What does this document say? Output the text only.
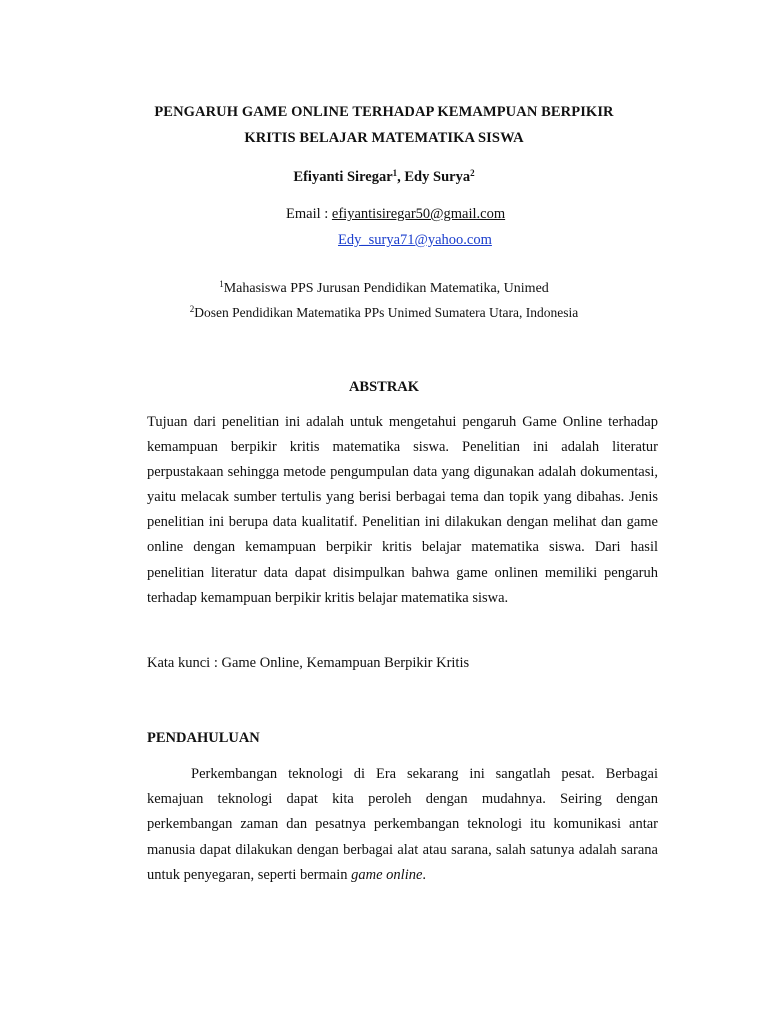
PENGARUH GAME ONLINE TERHADAP KEMAMPUAN BERPIKIR
KRITIS BELAJAR MATEMATIKA SISWA
Efiyanti Siregar$^1$, Edy Surya$^2$
Email : efiyantisiregar50@gmail.com
Edy_surya71@yahoo.com
$^1$Mahasiswa PPS Jurusan Pendidikan Matematika, Unimed
$^2$Dosen Pendidikan Matematika PPs Unimed Sumatera Utara, Indonesia
ABSTRAK

Tujuan dari penelitian ini adalah untuk mengetahui pengaruh Game Online terhadap kemampuan berpikir kritis matematika siswa. Penelitian ini adalah literatur perpustakaan sehingga metode pengumpulan data yang digunakan adalah dokumentasi, yaitu melacak sumber tertulis yang berisi berbagai tema dan topik yang dibahas. Jenis penelitian ini berupa data kualitatif. Penelitian ini dilakukan dengan melihat dan game online dengan kemampuan berpikir kritis belajar matematika siswa. Dari hasil penelitian literatur data dapat disimpulkan bahwa game onlinen memiliki pengaruh terhadap kemampuan berpikir kritis belajar matematika siswa.

Kata kunci : Game Online, Kemampuan Berpikir Kritis
PENDAHULUAN

Perkembangan teknologi di Era sekarang ini sangatlah pesat. Berbagai kemajuan teknologi dapat kita peroleh dengan mudahnya. Seiring dengan perkembangan zaman dan pesatnya perkembangan teknologi itu komunikasi antar manusia dapat dilakukan dengan berbagai alat atau sarana, salah satunya adalah sarana untuk penyegaran, seperti bermain game online.
